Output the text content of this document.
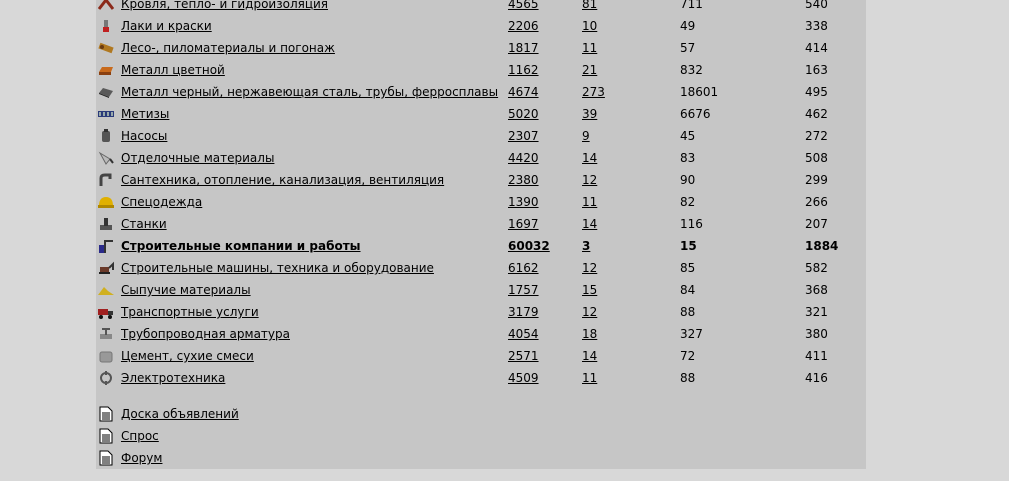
Кровля, тепло- и гидроизоляция	4565	81	711	540
Лаки и краски	2206	10	49	338
Лесо-, пиломатериалы и погонаж	1817	11	57	414
Металл цветной	1162	21	832	163
Металл черный, нержавеющая сталь, трубы, ферросплавы 4674	273	18601	495
Метизы	5020	39	6676	462
Насосы	2307	9	45	272
Отделочные материалы	4420	14	83	508
Сантехника, отопление, канализация, вентиляция	2380	12	90	299
Спецодежда	1390	11	82	266
Станки	1697	14	116	207
Строительные компании и работы	60032	3	15	1884
Строительные машины, техника и оборудование	6162	12	85	582
Сыпучие материалы	1757	15	84	368
Транспортные услуги	3179	12	88	321
Трубопроводная арматура	4054	18	327	380
Цемент, сухие смеси	2571	14	72	411
Электротехника	4509	11	88	416
Доска объявлений
Спрос
Форум
